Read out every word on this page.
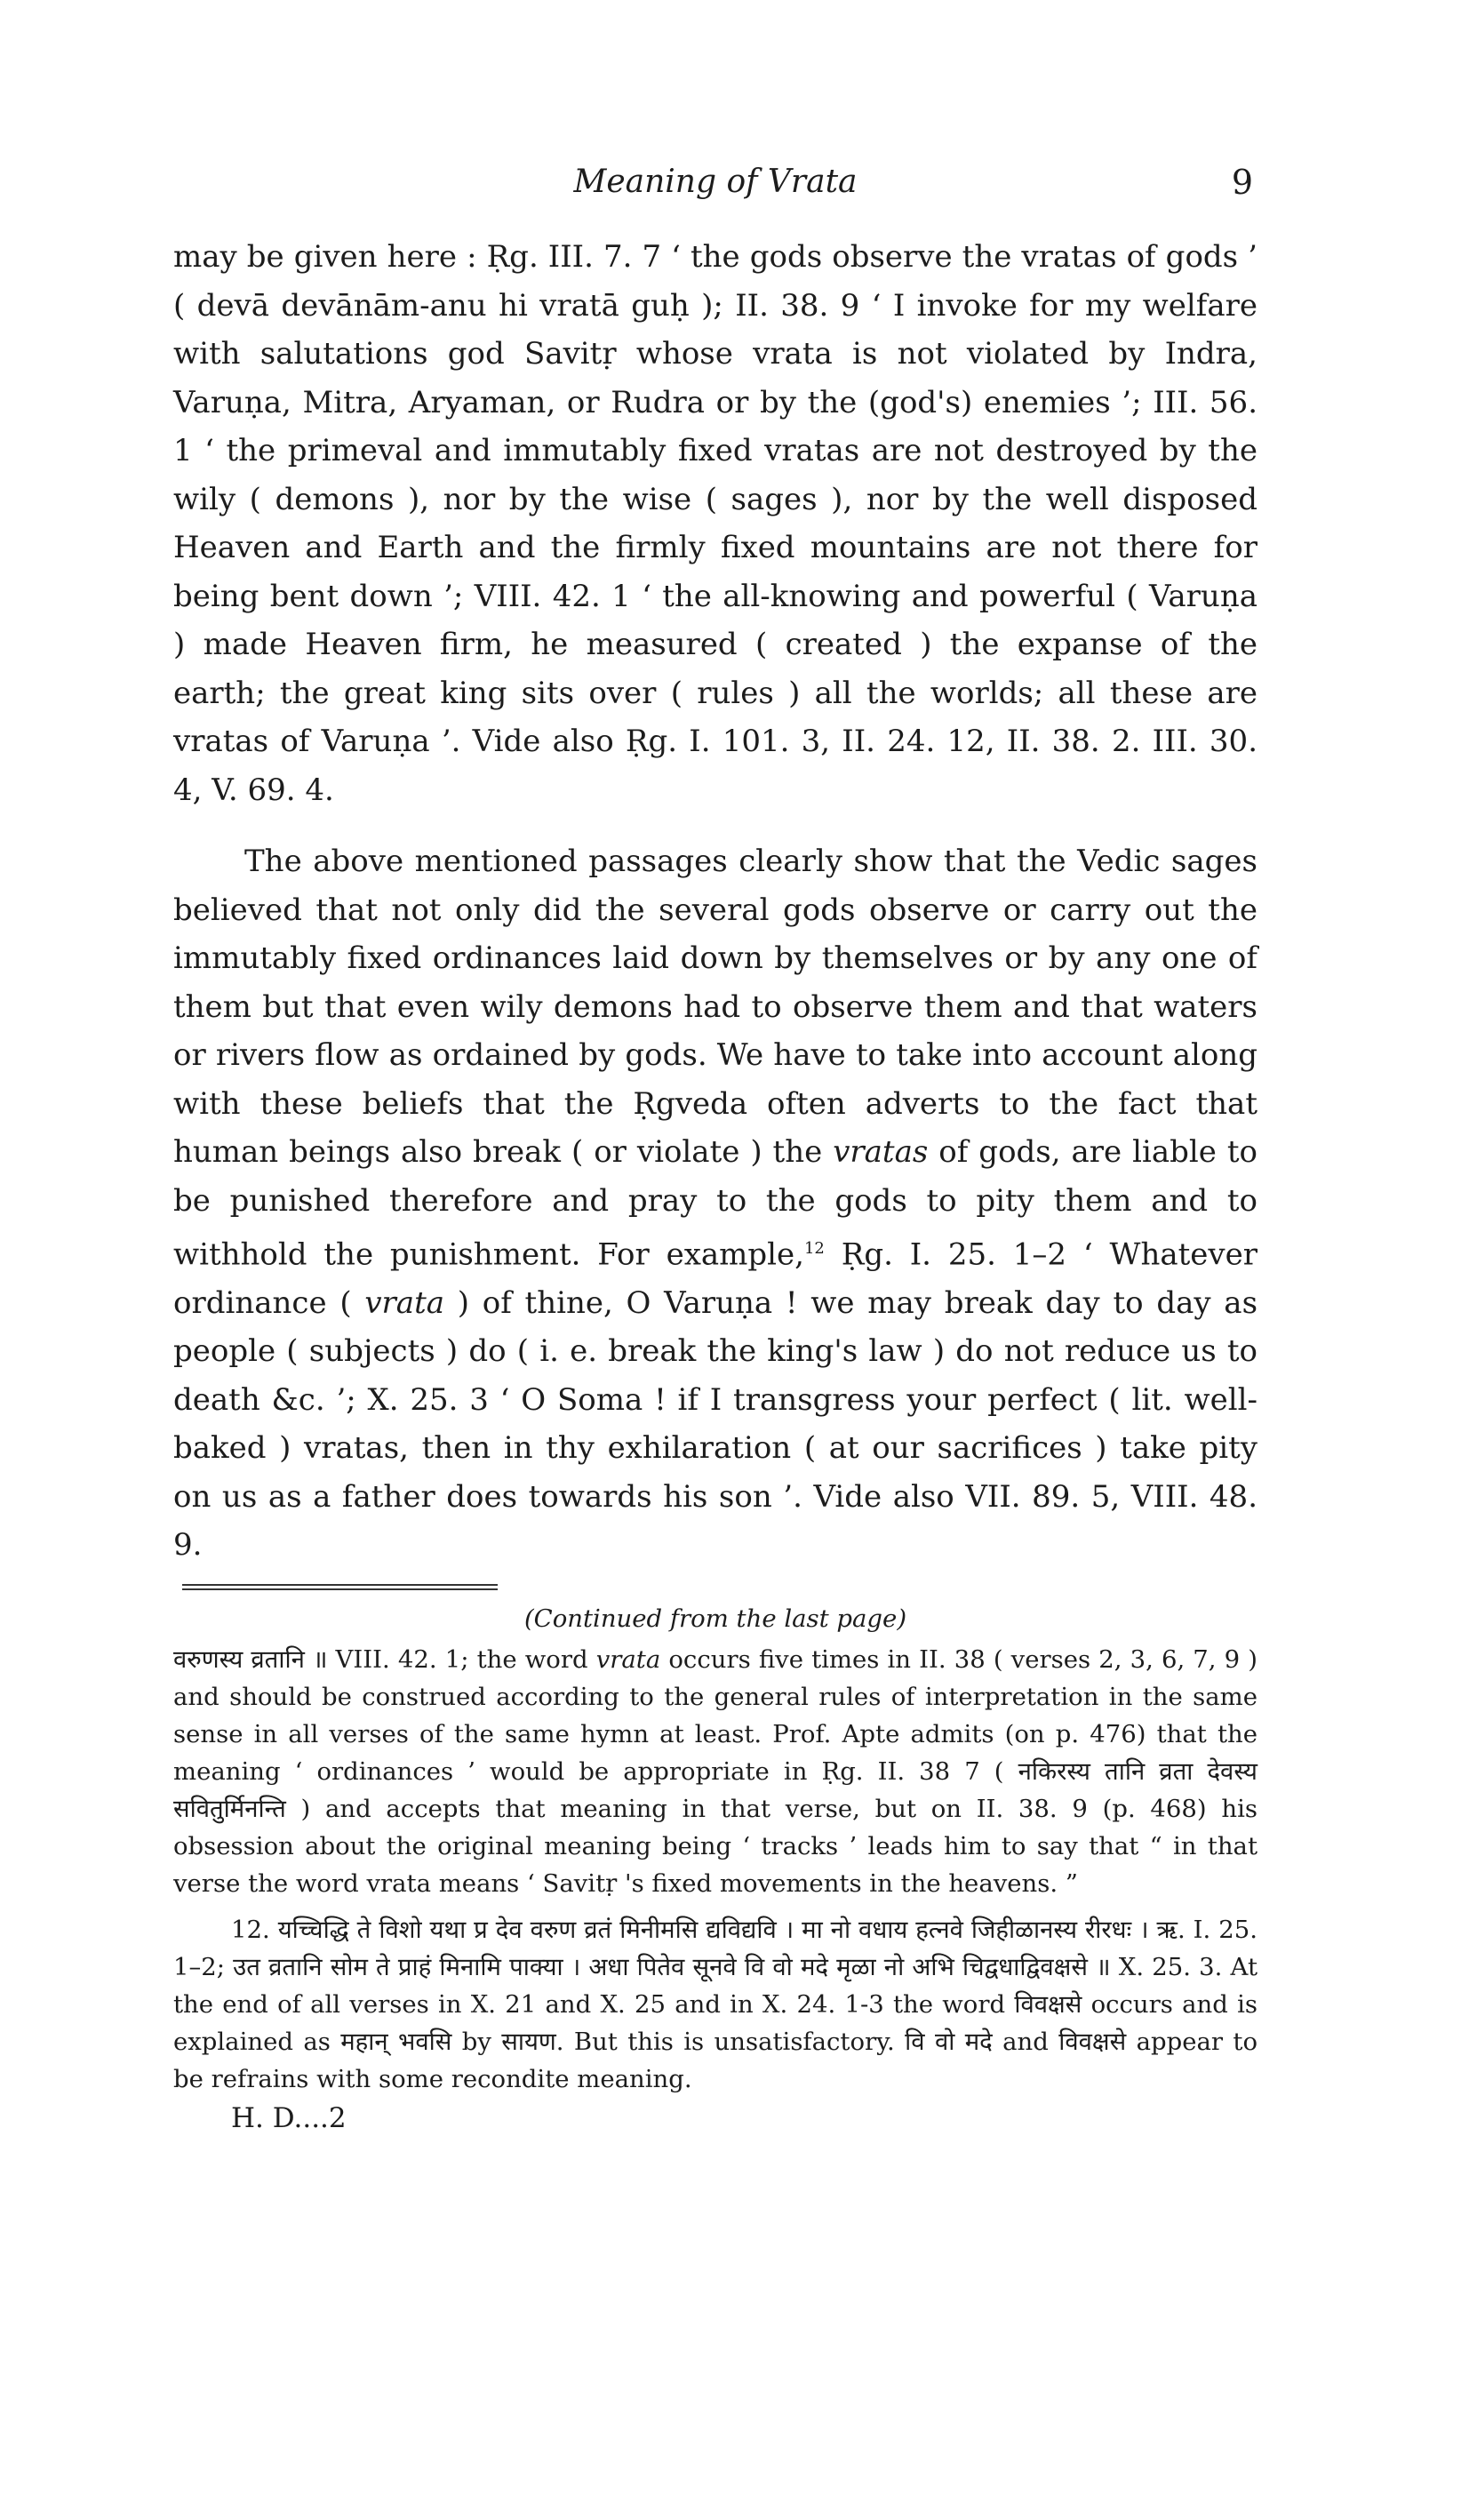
Meaning of Vrata	9

may be given here : Ṛg. III. 7. 7 ‘ the gods observe the vratas of gods ’ ( devā devānām-anu hi vratā guḥ ); II. 38. 9 ‘ I invoke for my welfare with salutations god Savitṛ whose vrata is not violated by Indra, Varuṇa, Mitra, Aryaman, or Rudra or by the (god's) enemies ’; III. 56. 1 ‘ the primeval and immutably fixed vratas are not destroyed by the wily ( demons ), nor by the wise ( sages ), nor by the well disposed Heaven and Earth and the firmly fixed mountains are not there for being bent down ’; VIII. 42. 1 ‘ the all-knowing and powerful ( Varuṇa ) made Heaven firm, he measured ( created ) the expanse of the earth; the great king sits over ( rules ) all the worlds; all these are vratas of Varuṇa ’. Vide also Ṛg. I. 101. 3, II. 24. 12, II. 38. 2. III. 30. 4, V. 69. 4.

The above mentioned passages clearly show that the Vedic sages believed that not only did the several gods observe or carry out the immutably fixed ordinances laid down by themselves or by any one of them but that even wily demons had to observe them and that waters or rivers flow as ordained by gods. We have to take into account along with these beliefs that the Ṛgveda often adverts to the fact that human beings also break ( or violate ) the vratas of gods, are liable to be punished therefore and pray to the gods to pity them and to withhold the punishment. For example,$^{12}$ Ṛg. I. 25. 1–2 ‘ Whatever ordinance ( vrata ) of thine, O Varuṇa ! we may break day to day as people ( subjects ) do ( i. e. break the king's law ) do not reduce us to death &c. ’; X. 25. 3 ‘ O Soma ! if I transgress your perfect ( lit. well-baked ) vratas, then in thy exhilaration ( at our sacrifices ) take pity on us as a father does towards his son ’. Vide also VII. 89. 5, VIII. 48. 9.

(Continued from the last page)

वरुणस्य व्रतानि ॥ VIII. 42. 1; the word vrata occurs five times in II. 38 ( verses 2, 3, 6, 7, 9 ) and should be construed according to the general rules of interpretation in the same sense in all verses of the same hymn at least. Prof. Apte admits (on p. 476) that the meaning ‘ ordinances ’ would be appropriate in Ṛg. II. 38 7 ( नकिरस्य तानि व्रता देवस्य सवितुर्मिनन्ति ) and accepts that meaning in that verse, but on II. 38. 9 (p. 468) his obsession about the original meaning being ‘ tracks ’ leads him to say that “ in that verse the word vrata means ‘ Savitṛ 's fixed movements in the heavens. ”

12. यच्चिद्धि ते विशो यथा प्र देव वरुण व्रतं मिनीमसि द्यविद्यवि । मा नो वधाय हत्नवे जिहीळानस्य रीरधः । ऋ. I. 25. 1–2; उत व्रतानि सोम ते प्राहं मिनामि पाक्या । अधा पितेव सूनवे वि वो मदे मृळा नो अभि चिद्वधाद्विवक्षसे ॥ X. 25. 3. At the end of all verses in X. 21 and X. 25 and in X. 24. 1-3 the word विवक्षसे occurs and is explained as महान् भवसि by सायण. But this is unsatisfactory. वि वो मदे and विवक्षसे appear to be refrains with some recondite meaning.

H. D....2
